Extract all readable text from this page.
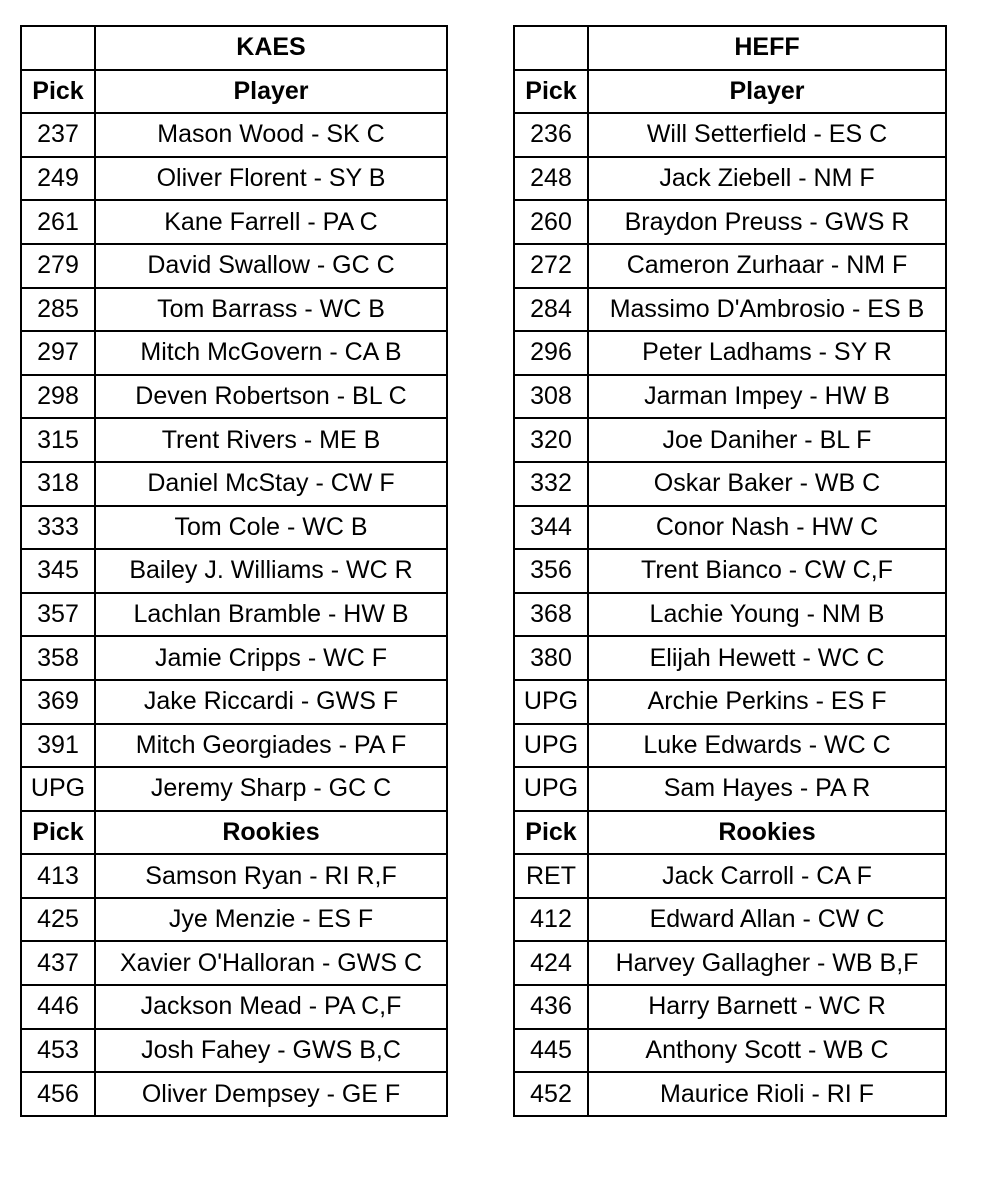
	KAES
Pick	Player
237	Mason Wood - SK C
249	Oliver Florent - SY B
261	Kane Farrell - PA C
279	David Swallow - GC C
285	Tom Barrass - WC B
297	Mitch McGovern - CA B
298	Deven Robertson - BL C
315	Trent Rivers - ME B
318	Daniel McStay - CW F
333	Tom Cole - WC B
345	Bailey J. Williams - WC R
357	Lachlan Bramble - HW B
358	Jamie Cripps - WC F
369	Jake Riccardi - GWS F
391	Mitch Georgiades - PA F
UPG	Jeremy Sharp - GC C
Pick	Rookies
413	Samson Ryan - RI R,F
425	Jye Menzie - ES F
437	Xavier O'Halloran - GWS C
446	Jackson Mead - PA C,F
453	Josh Fahey - GWS B,C
456	Oliver Dempsey - GE F
	HEFF
Pick	Player
236	Will Setterfield - ES C
248	Jack Ziebell - NM F
260	Braydon Preuss - GWS R
272	Cameron Zurhaar - NM F
284	Massimo D'Ambrosio - ES B
296	Peter Ladhams - SY R
308	Jarman Impey - HW B
320	Joe Daniher - BL F
332	Oskar Baker - WB C
344	Conor Nash - HW C
356	Trent Bianco - CW C,F
368	Lachie Young - NM B
380	Elijah Hewett - WC C
UPG	Archie Perkins - ES F
UPG	Luke Edwards - WC C
UPG	Sam Hayes - PA R
Pick	Rookies
RET	Jack Carroll - CA F
412	Edward Allan - CW C
424	Harvey Gallagher - WB B,F
436	Harry Barnett - WC R
445	Anthony Scott - WB C
452	Maurice Rioli - RI F
